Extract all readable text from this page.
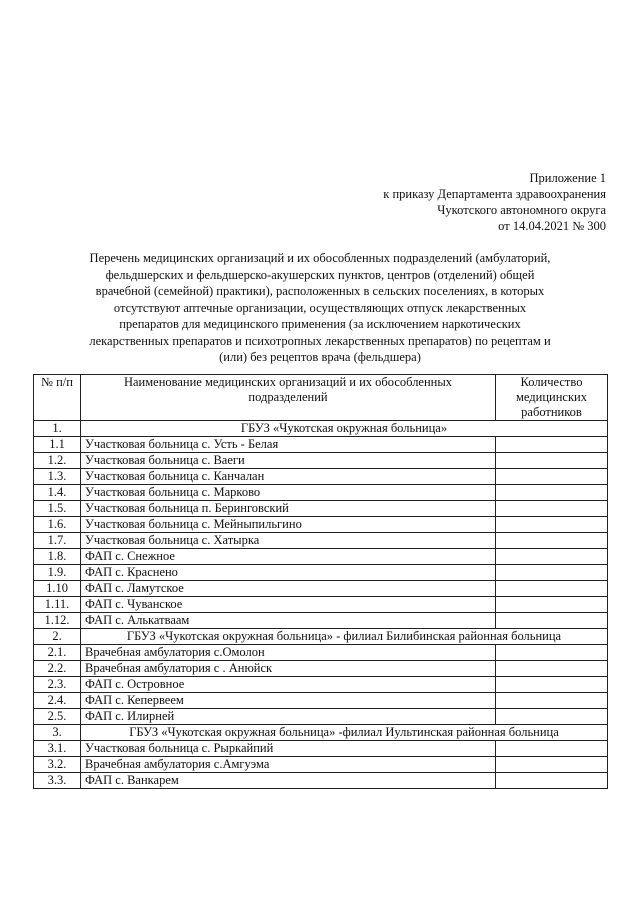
Приложение 1
к приказу Департамента здравоохранения
Чукотского автономного округа
от 14.04.2021 № 300
Перечень медицинских организаций и их обособленных подразделений (амбулаторий,
фельдшерских и фельдшерско-акушерских пунктов, центров (отделений) общей
врачебной (семейной) практики), расположенных в сельских поселениях, в которых
отсутствуют аптечные организации, осуществляющих отпуск лекарственных
препаратов для медицинского применения (за исключением наркотических
лекарственных препаратов и психотропных лекарственных препаратов) по рецептам и
(или) без рецептов врача (фельдшера)
№ п/п	Наименование медицинских организаций и их обособленных подразделений	Количество медицинских работников
1.	ГБУЗ «Чукотская окружная больница»	
1.1	Участковая больница с. Усть - Белая	
1.2.	Участковая больница с. Ваеги	
1.3.	Участковая больница с. Канчалан	
1.4.	Участковая больница с. Марково	
1.5.	Участковая больница п. Беринговский	
1.6.	Участковая больница с. Мейныпильгино	
1.7.	Участковая больница с. Хатырка	
1.8.	ФАП с. Снежное	
1.9.	ФАП с. Краснено	
1.10	ФАП с. Ламутское	
1.11.	ФАП с. Чуванское	
1.12.	ФАП с. Алькатваам	
2.	ГБУЗ «Чукотская окружная больница» - филиал Билибинская районная больница	
2.1.	Врачебная амбулатория с.Омолон	
2.2.	Врачебная амбулатория с . Анюйск	
2.3.	ФАП с. Островное	
2.4.	ФАП с. Кепервеем	
2.5.	ФАП с. Илирней	
3.	ГБУЗ «Чукотская окружная больница» -филиал Иультинская районная больница	
3.1.	Участковая больница с. Рыркайпий	
3.2.	Врачебная амбулатория с.Амгуэма	
3.3.	ФАП с. Ванкарем	
